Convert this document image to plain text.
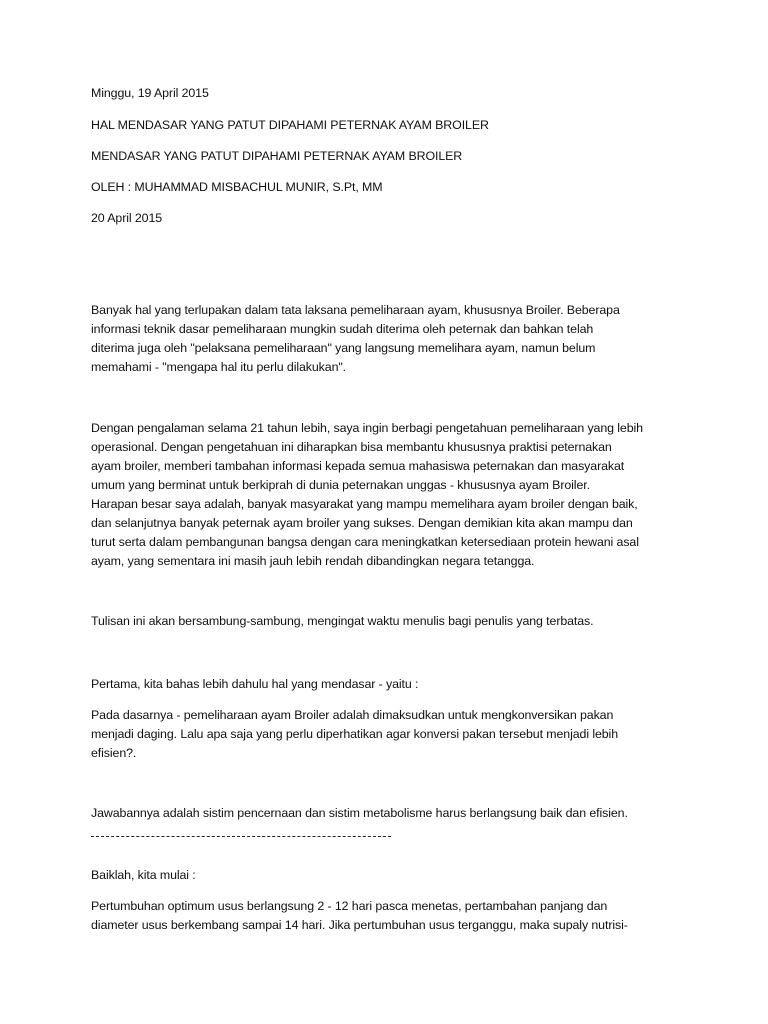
Minggu, 19 April 2015

HAL MENDASAR YANG PATUT DIPAHAMI PETERNAK AYAM BROILER

MENDASAR YANG PATUT DIPAHAMI PETERNAK AYAM BROILER

OLEH : MUHAMMAD MISBACHUL MUNIR, S.Pt, MM

20 April 2015

Banyak hal yang terlupakan dalam tata laksana pemeliharaan ayam, khususnya Broiler. Beberapa
informasi teknik dasar pemeliharaan mungkin sudah diterima oleh peternak dan bahkan telah
diterima juga oleh "pelaksana pemeliharaan" yang langsung memelihara ayam, namun belum
memahami - "mengapa hal itu perlu dilakukan".
Dengan pengalaman selama 21 tahun lebih, saya ingin berbagi pengetahuan pemeliharaan yang lebih
operasional. Dengan pengetahuan ini diharapkan bisa membantu khususnya praktisi peternakan
ayam broiler, memberi tambahan informasi kepada semua mahasiswa peternakan dan masyarakat
umum yang berminat untuk berkiprah di dunia peternakan unggas - khususnya ayam Broiler.
Harapan besar saya adalah, banyak masyarakat yang mampu memelihara ayam broiler dengan baik,
dan selanjutnya banyak peternak ayam broiler yang sukses. Dengan demikian kita akan mampu dan
turut serta dalam pembangunan bangsa dengan cara meningkatkan ketersediaan protein hewani asal
ayam, yang sementara ini masih jauh lebih rendah dibandingkan negara tetangga.

Tulisan ini akan bersambung-sambung, mengingat waktu menulis bagi penulis yang terbatas.

Pertama, kita bahas lebih dahulu hal yang mendasar - yaitu :

Pada dasarnya - pemeliharaan ayam Broiler adalah dimaksudkan untuk mengkonversikan pakan
menjadi daging. Lalu apa saja yang perlu diperhatikan agar konversi pakan tersebut menjadi lebih
efisien?.

Jawabannya adalah sistim pencernaan dan sistim metabolisme harus berlangsung baik dan efisien.

Baiklah, kita mulai :

Pertumbuhan optimum usus berlangsung 2 - 12 hari pasca menetas, pertambahan panjang dan
diameter usus berkembang sampai 14 hari. Jika pertumbuhan usus terganggu, maka supaly nutrisi-
